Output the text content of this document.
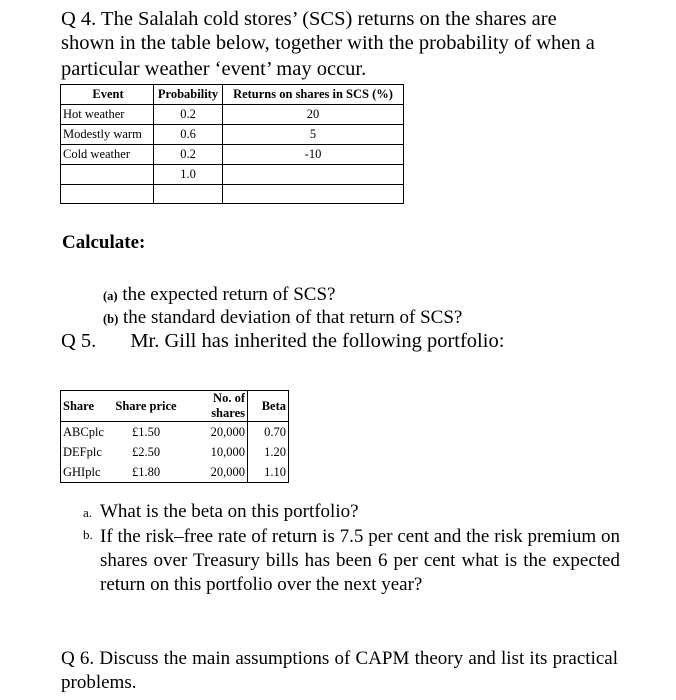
Q 4. The Salalah cold stores’ (SCS) returns on the shares are
shown in the table below, together with the probability of when a
particular weather ‘event’ may occur.
Event	Probability	Returns on shares in SCS (%)
Hot weather	0.2	20
Modestly warm	0.6	5
Cold weather	0.2	-10
	1.0	

Calculate:
(a) the expected return of SCS?
(b) the standard deviation of that return of SCS?
Q 5. Mr. Gill has inherited the following portfolio:
Share	Share price	No. of shares	Beta
ABCplc	£1.50	20,000	0.70
DEFplc	£2.50	10,000	1.20
GHIplc	£1.80	20,000	1.10
a. What is the beta on this portfolio?
b. If the risk–free rate of return is 7.5 per cent and the risk premium on shares over Treasury bills has been 6 per cent what is the expected return on this portfolio over the next year?
Q 6. Discuss the main assumptions of CAPM theory and list its practical problems.
